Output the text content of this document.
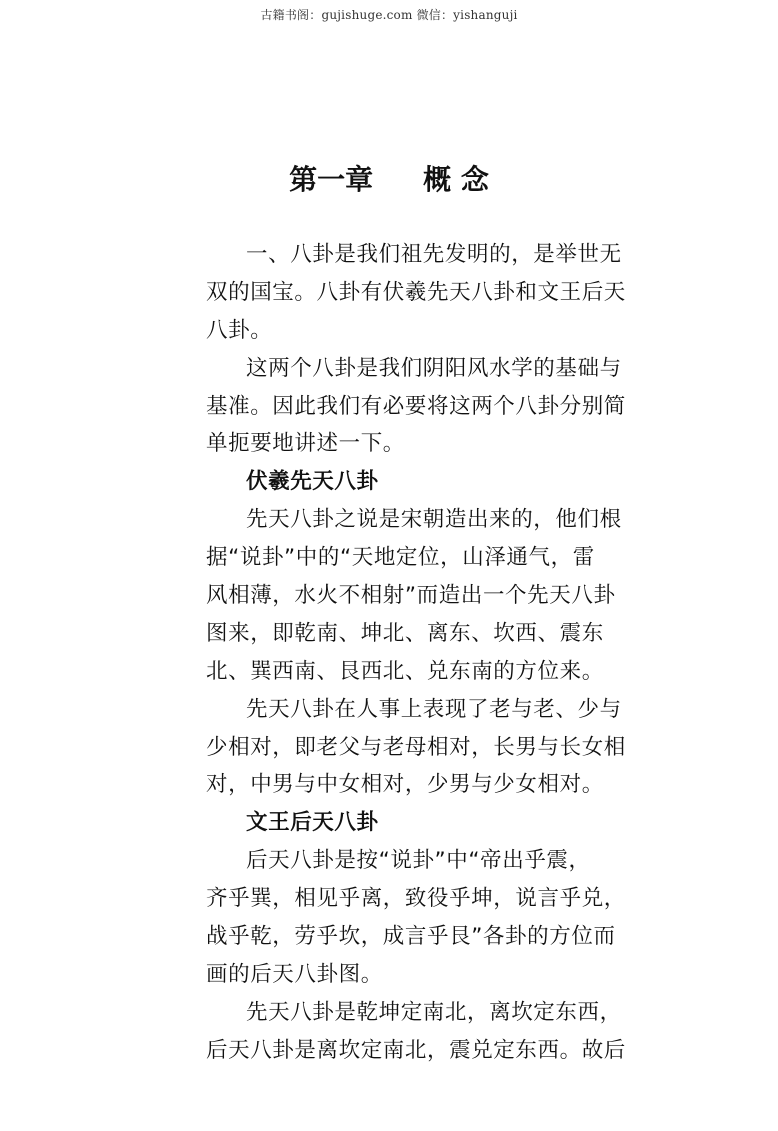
古籍书阁：gujishuge.com 微信：yishanguji
第一章 概 念
一、八卦是我们祖先发明的，是举世无
双的国宝。八卦有伏羲先天八卦和文王后天
八卦。
这两个八卦是我们阴阳风水学的基础与
基准。因此我们有必要将这两个八卦分别简
单扼要地讲述一下。
伏羲先天八卦
先天八卦之说是宋朝造出来的，他们根
据“说卦”中的“天地定位，山泽通气，雷
风相薄，水火不相射”而造出一个先天八卦
图来，即乾南、坤北、离东、坎西、震东
北、巽西南、艮西北、兑东南的方位来。
先天八卦在人事上表现了老与老、少与
少相对，即老父与老母相对，长男与长女相
对，中男与中女相对，少男与少女相对。
文王后天八卦
后天八卦是按“说卦”中“帝出乎震，
齐乎巽，相见乎离，致役乎坤，说言乎兑，
战乎乾，劳乎坎，成言乎艮”各卦的方位而
画的后天八卦图。
先天八卦是乾坤定南北，离坎定东西，
后天八卦是离坎定南北，震兑定东西。故后
